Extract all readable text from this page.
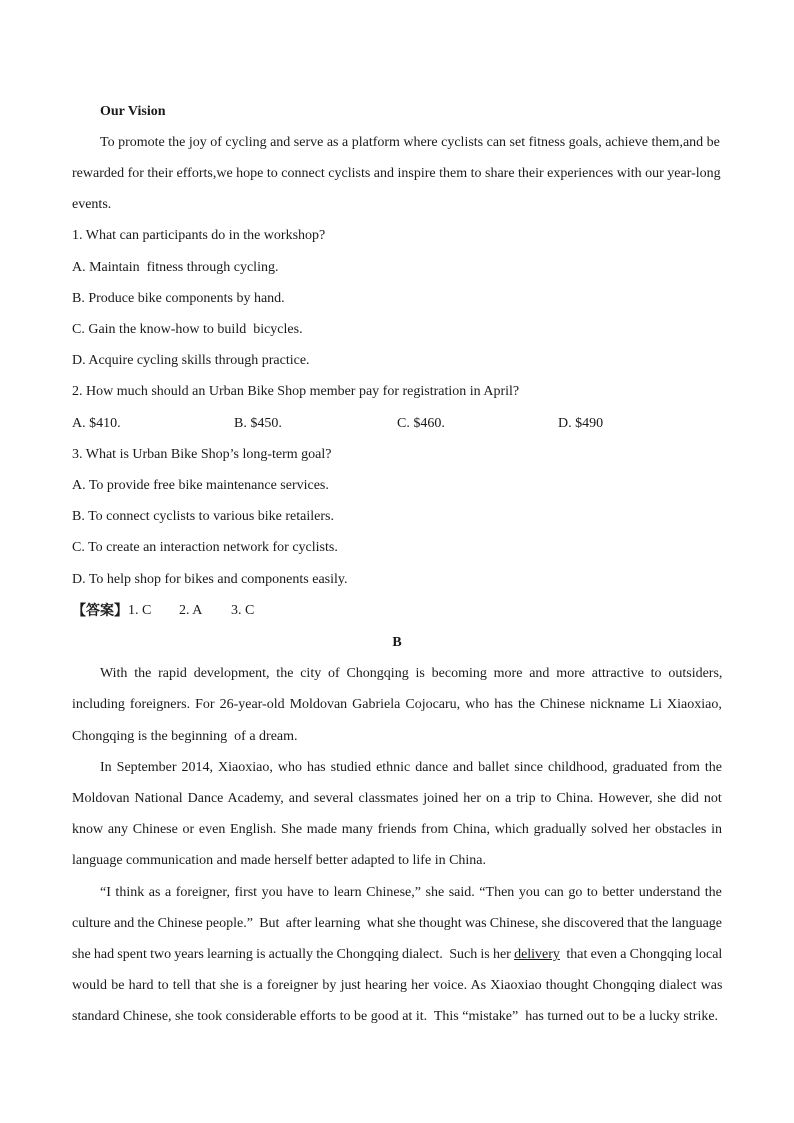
Our Vision

To promote the joy of cycling and serve as a platform where cyclists can set fitness goals, achieve them,and be

rewarded for their efforts,we hope to connect cyclists and inspire them to share their experiences with our year-long

events.

1. What can participants do in the workshop?

A. Maintain  fitness through cycling.

B. Produce bike components by hand.

C. Gain the know-how to build  bicycles.

D. Acquire cycling skills through practice.

2. How much should an Urban Bike Shop member pay for registration in April?

A. $410.	B. $450.	C. $460.	D. $490

3. What is Urban Bike Shop’s long-term goal?

A. To provide free bike maintenance services.

B. To connect cyclists to various bike retailers.

C. To create an interaction network for cyclists.

D. To help shop for bikes and components easily.

【答案】 1. C 2. A 3. C

B

With  the  rapid  development,  the  city  of  Chongqing  is  becoming  more  and  more  attractive  to  outsiders,

including  foreigners.  For  26-year-old  Moldovan  Gabriela  Cojocaru,  who  has  the  Chinese  nickname  Li  Xiaoxiao,

Chongqing is the beginning  of a dream.

In  September  2014,  Xiaoxiao,  who  has  studied  ethnic  dance  and  ballet  since  childhood,  graduated  from  the

Moldovan  National  Dance  Academy,  and  several  classmates  joined  her  on  a  trip  to  China.  However,  she  did  not

know  any  Chinese  or  even  English.  She  made  many  friends  from  China,  which  gradually  solved  her  obstacles  in

language communication and made herself better adapted to life in China.

“I  think  as  a  foreigner,  first  you  have  to  learn  Chinese,”  she  said.  “Then  you  can  go  to  better  understand  the

culture and the Chinese people.”  But  after learning  what she thought was Chinese, she discovered that the language

she had spent two years learning is actually the Chongqing dialect.  Such is her delivery  that even a Chongqing local

would  be  hard  to  tell  that  she  is  a  foreigner  by  just  hearing  her  voice.  As  Xiaoxiao  thought  Chongqing  dialect  was

standard Chinese, she took considerable efforts to be good at it.  This “mistake”  has turned out to be a lucky strike.
